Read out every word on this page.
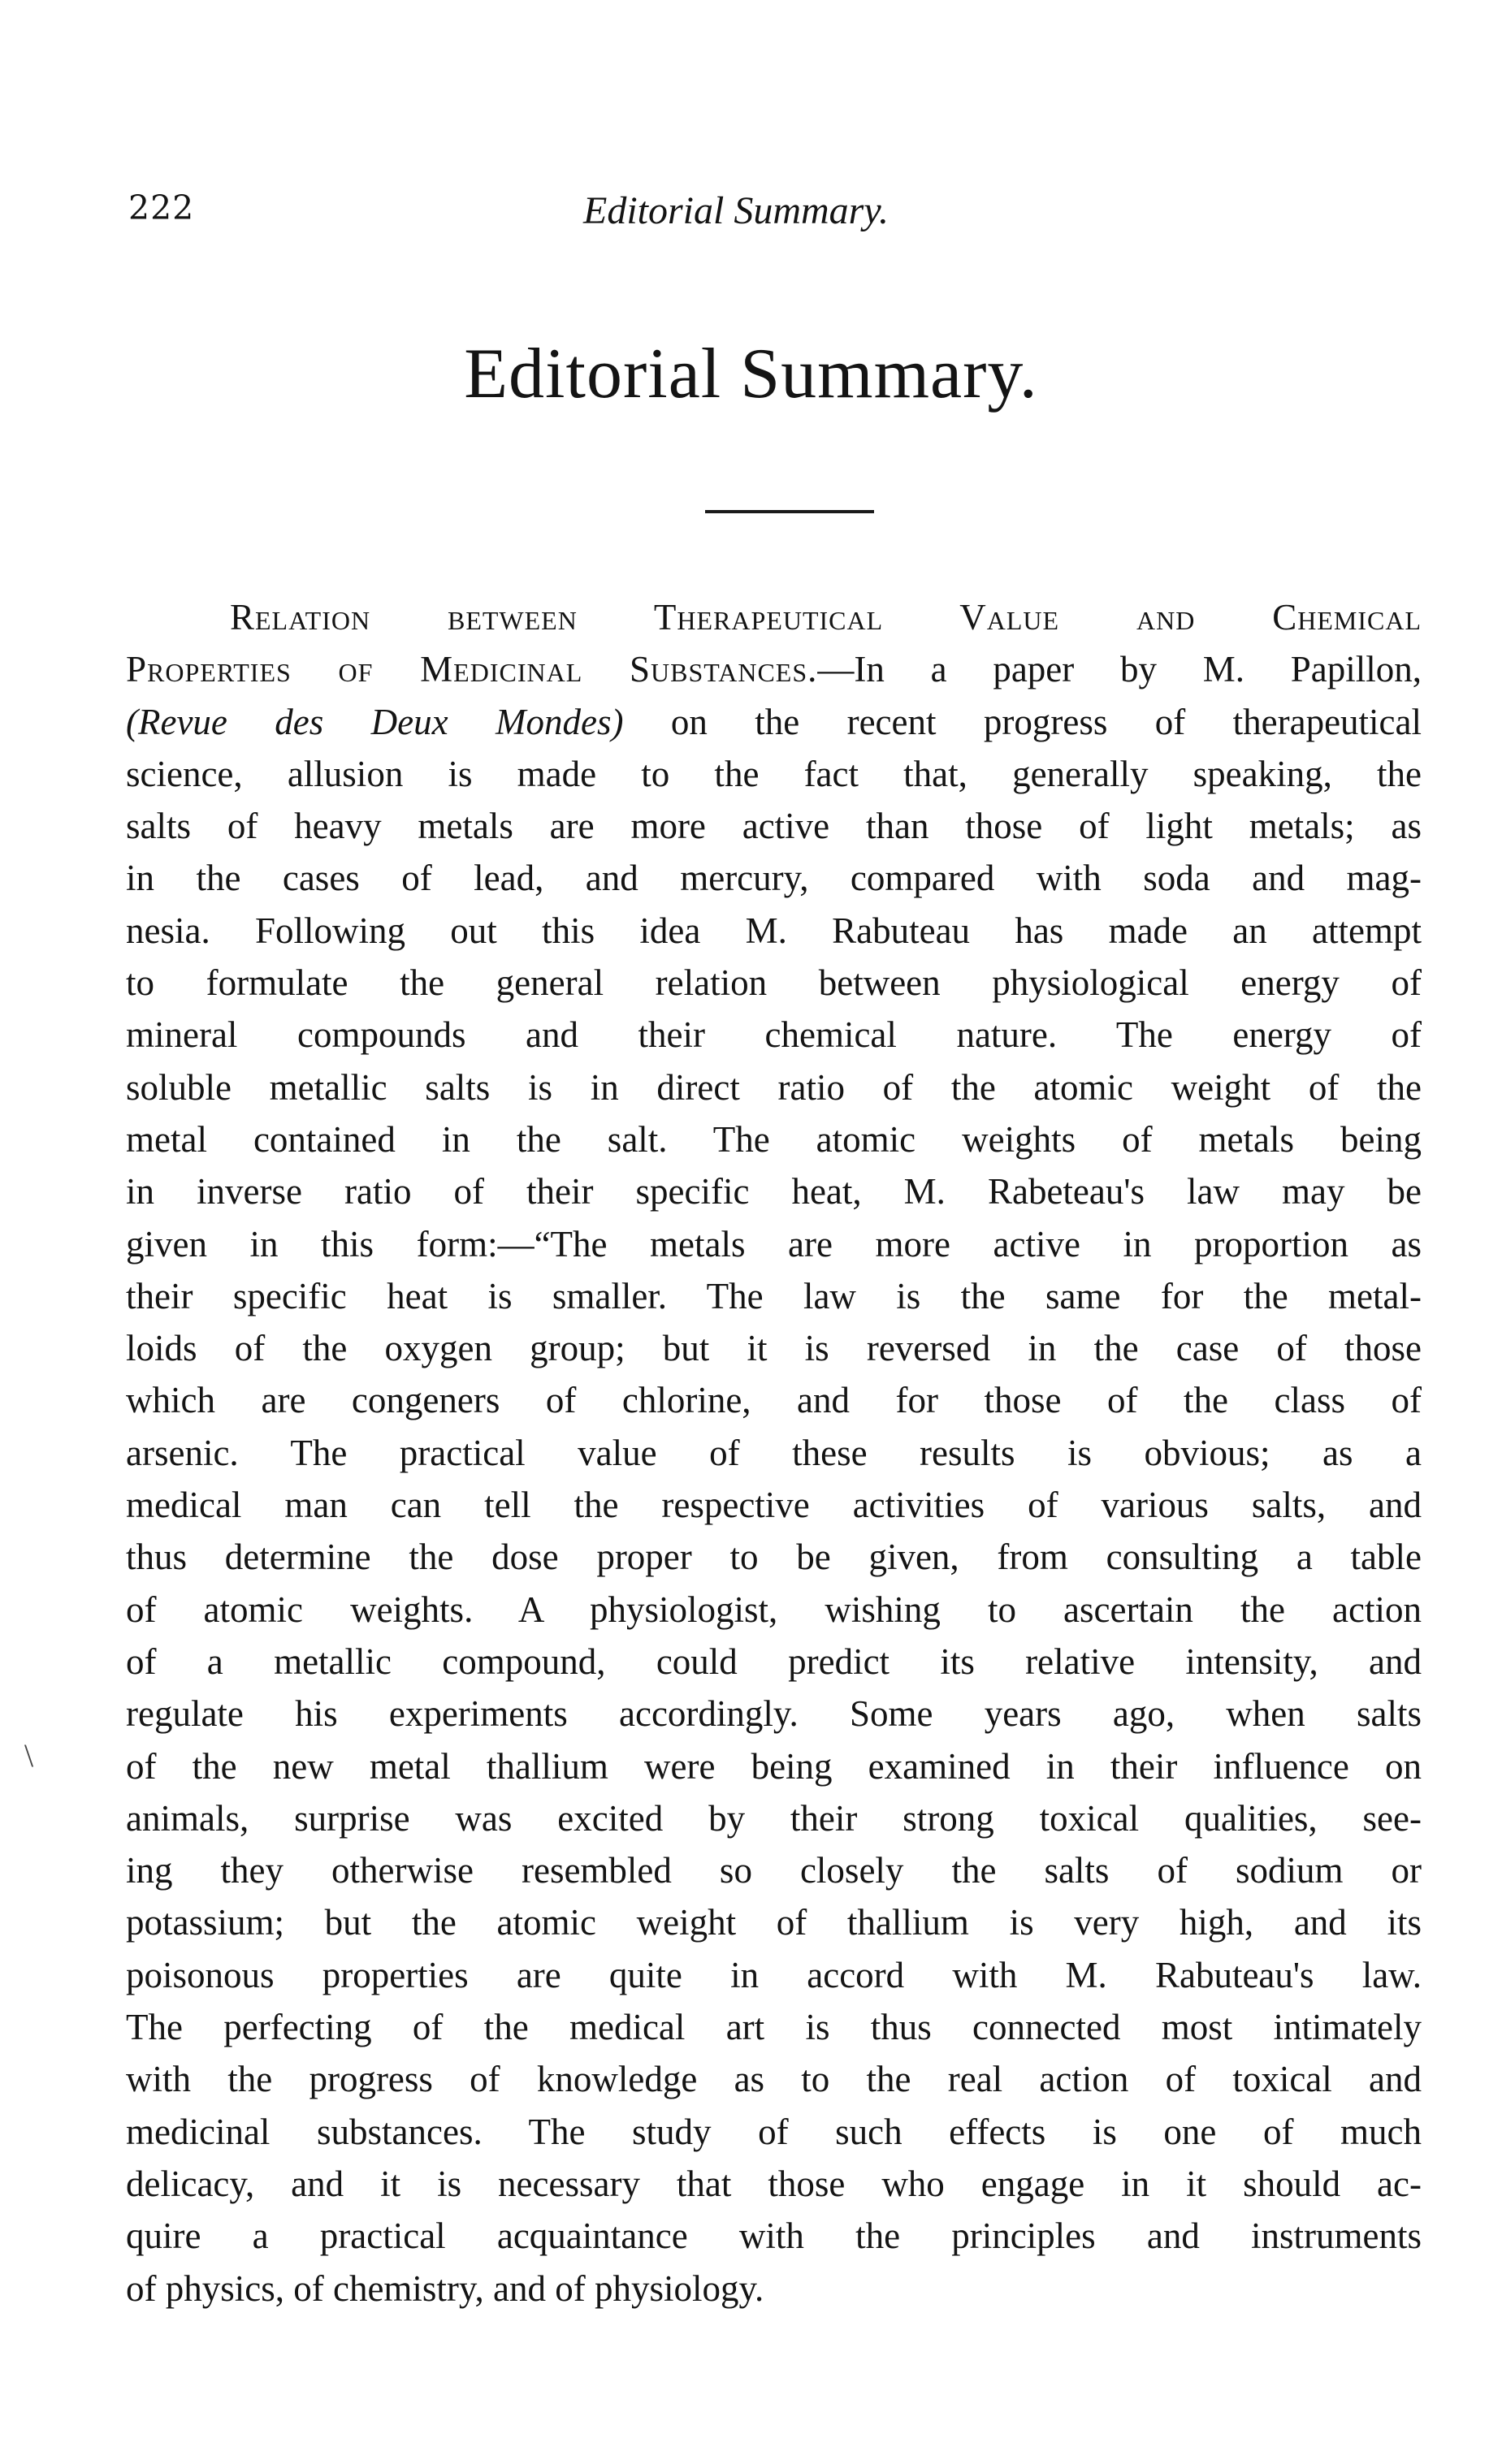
222	Editorial Summary.
Editorial Summary.

Relation between Therapeutical Value and Chemical
Properties of Medicinal Substances.—In a paper by M. Papillon,
(Revue des Deux Mondes) on the recent progress of therapeutical
science, allusion is made to the fact that, generally speaking, the
salts of heavy metals are more active than those of light metals; as
in the cases of lead, and mercury, compared with soda and mag-
nesia. Following out this idea M. Rabuteau has made an attempt
to formulate the general relation between physiological energy of
mineral compounds and their chemical nature. The energy of
soluble metallic salts is in direct ratio of the atomic weight of the
metal contained in the salt. The atomic weights of metals being
in inverse ratio of their specific heat, M. Rabeteau's law may be
given in this form:—“The metals are more active in proportion as
their specific heat is smaller. The law is the same for the metal-
loids of the oxygen group; but it is reversed in the case of those
which are congeners of chlorine, and for those of the class of
arsenic. The practical value of these results is obvious; as a
medical man can tell the respective activities of various salts, and
thus determine the dose proper to be given, from consulting a table
of atomic weights. A physiologist, wishing to ascertain the action
of a metallic compound, could predict its relative intensity, and
regulate his experiments accordingly. Some years ago, when salts
of the new metal thallium were being examined in their influence on
animals, surprise was excited by their strong toxical qualities, see-
ing they otherwise resembled so closely the salts of sodium or
potassium; but the atomic weight of thallium is very high, and its
poisonous properties are quite in accord with M. Rabuteau's law.
The perfecting of the medical art is thus connected most intimately
with the progress of knowledge as to the real action of toxical and
medicinal substances. The study of such effects is one of much
delicacy, and it is necessary that those who engage in it should ac-
quire a practical acquaintance with the principles and instruments
of physics, of chemistry, and of physiology.

\
